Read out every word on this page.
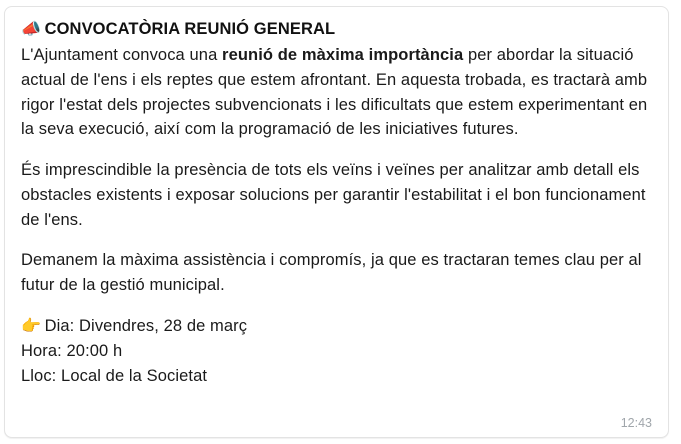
📣 CONVOCATÒRIA REUNIÓ GENERAL
L'Ajuntament convoca una reunió de màxima importància per abordar la situació actual de l'ens i els reptes que estem afrontant. En aquesta trobada, es tractarà amb rigor l'estat dels projectes subvencionats i les dificultats que estem experimentant en la seva execució, així com la programació de les iniciatives futures.
És imprescindible la presència de tots els veïns i veïnes per analitzar amb detall els obstacles existents i exposar solucions per garantir l'estabilitat i el bon funcionament de l'ens.
Demanem la màxima assistència i compromís, ja que es tractaran temes clau per al futur de la gestió municipal.
👉 Dia: Divendres, 28 de març
Hora: 20:00 h
Lloc: Local de la Societat
12:43
